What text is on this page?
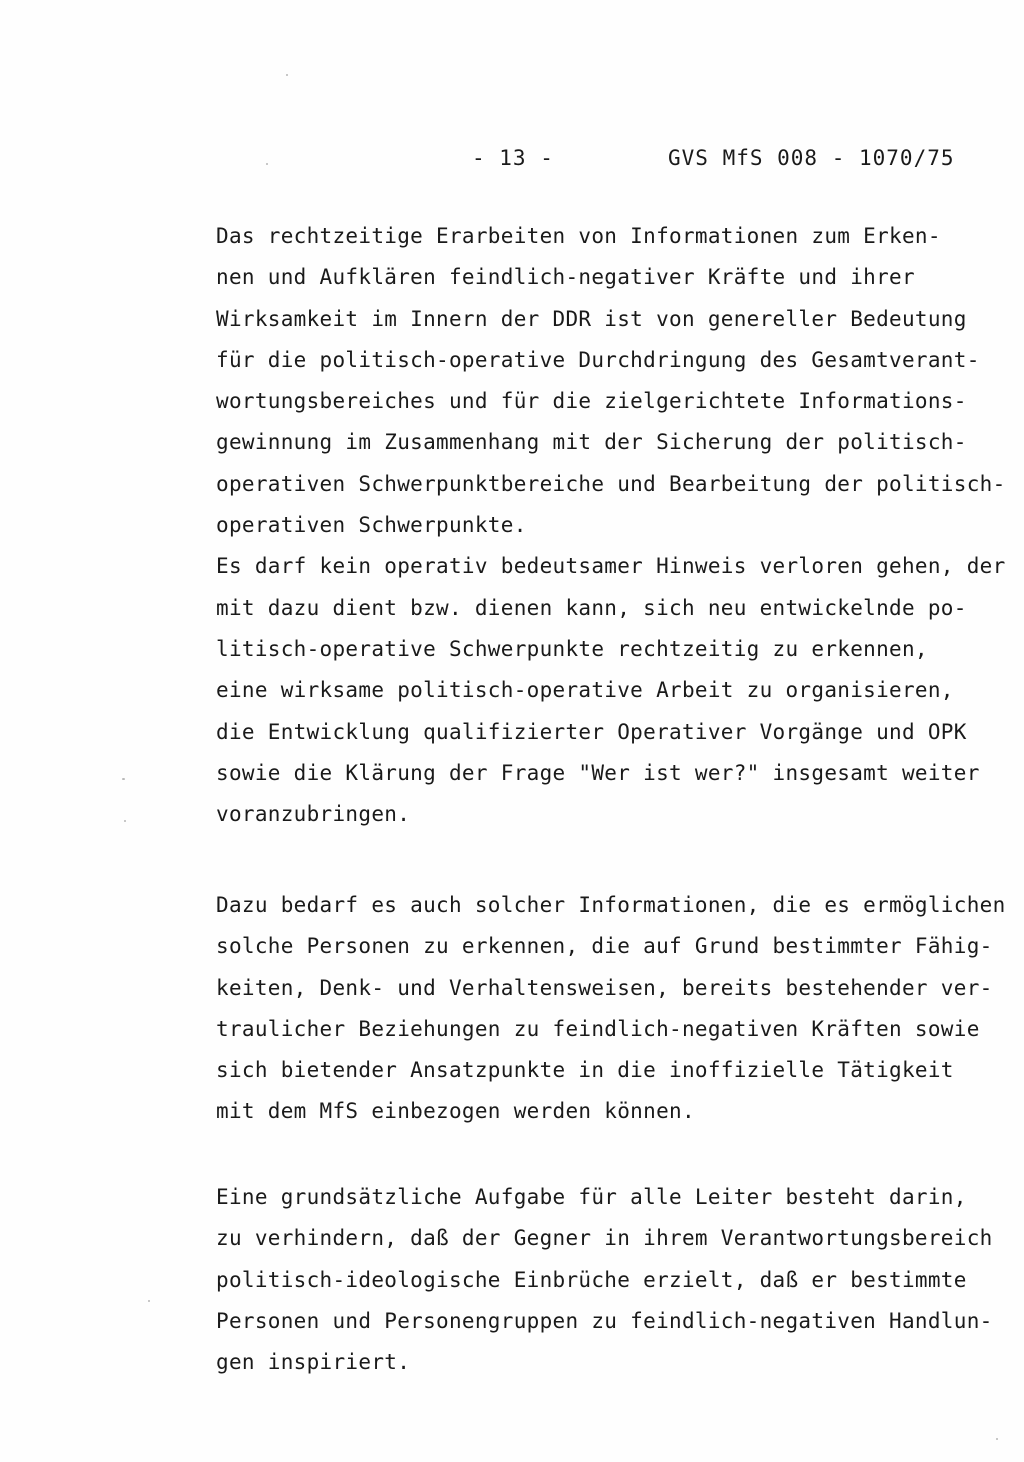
- 13 -	GVS MfS 008 - 1070/75
Das rechtzeitige Erarbeiten von Informationen zum Erken-
nen und Aufklären feindlich-negativer Kräfte und ihrer
Wirksamkeit im Innern der DDR ist von genereller Bedeutung
für die politisch-operative Durchdringung des Gesamtverant-
wortungsbereiches und für die zielgerichtete Informations-
gewinnung im Zusammenhang mit der Sicherung der politisch-
operativen Schwerpunktbereiche und Bearbeitung der politisch-
operativen Schwerpunkte.
Es darf kein operativ bedeutsamer Hinweis verloren gehen, der
mit dazu dient bzw. dienen kann, sich neu entwickelnde po-
litisch-operative Schwerpunkte rechtzeitig zu erkennen,
eine wirksame politisch-operative Arbeit zu organisieren,
die Entwicklung qualifizierter Operativer Vorgänge und OPK
sowie die Klärung der Frage "Wer ist wer?" insgesamt weiter
voranzubringen.
Dazu bedarf es auch solcher Informationen, die es ermöglichen
solche Personen zu erkennen, die auf Grund bestimmter Fähig-
keiten, Denk- und Verhaltensweisen, bereits bestehender ver-
traulicher Beziehungen zu feindlich-negativen Kräften sowie
sich bietender Ansatzpunkte in die inoffizielle Tätigkeit
mit dem MfS einbezogen werden können.
Eine grundsätzliche Aufgabe für alle Leiter besteht darin,
zu verhindern, daß der Gegner in ihrem Verantwortungsbereich
politisch-ideologische Einbrüche erzielt, daß er bestimmte
Personen und Personengruppen zu feindlich-negativen Handlun-
gen inspiriert.
